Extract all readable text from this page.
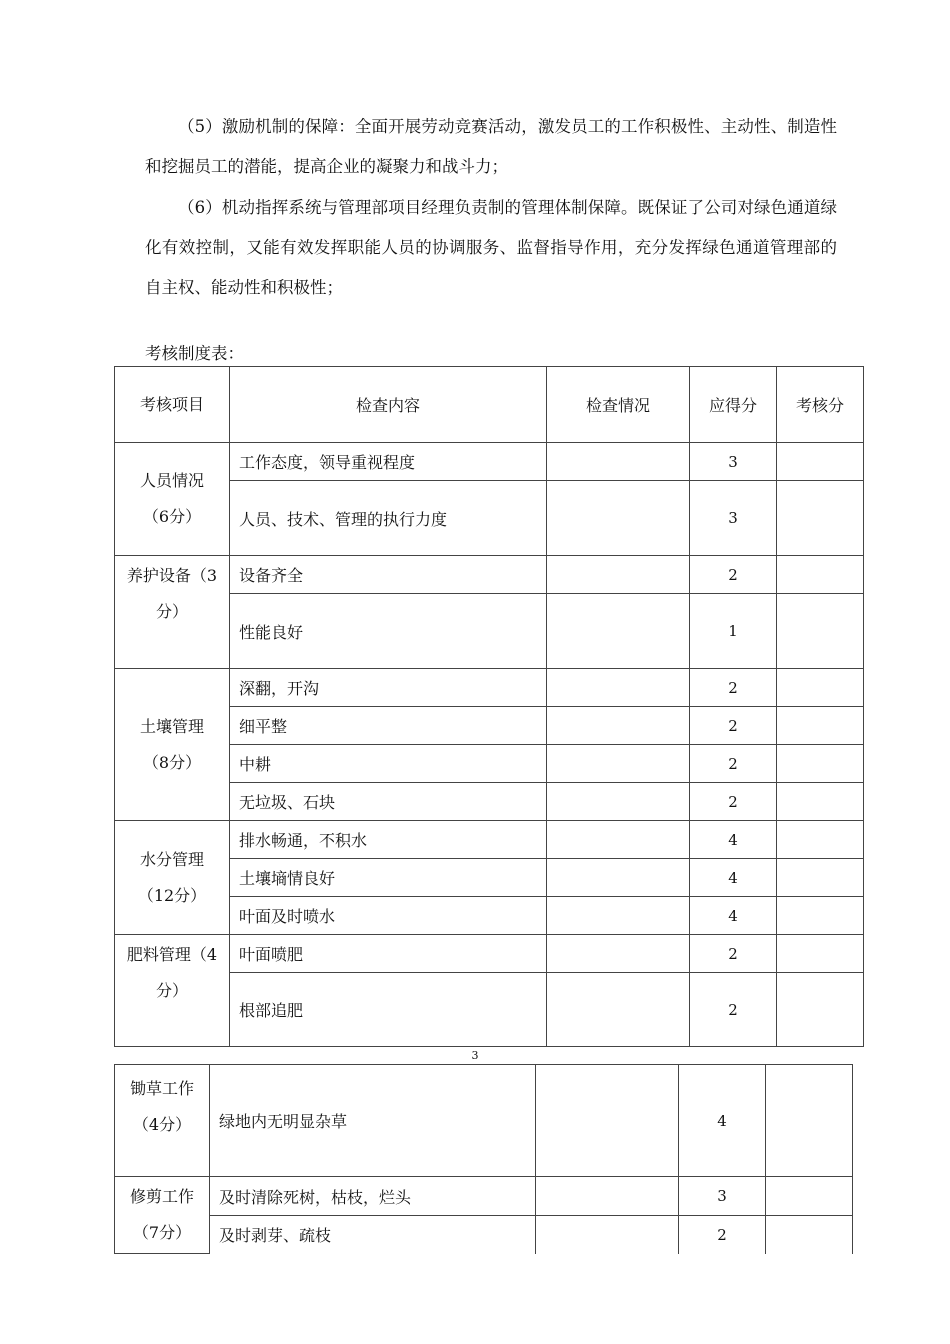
（5）激励机制的保障：全面开展劳动竞赛活动，激发员工的工作积极性、主动性、制造性和挖掘员工的潜能，提高企业的凝聚力和战斗力；

（6）机动指挥系统与管理部项目经理负责制的管理体制保障。既保证了公司对绿色通道绿化有效控制，又能有效发挥职能人员的协调服务、监督指导作用，充分发挥绿色通道管理部的自主权、能动性和积极性；

考核制度表：
考核项目	检查内容	检查情况	应得分	考核分
人员情况（6分）	工作态度，领导重视程度		3	
	人员、技术、管理的执行力度		3	
养护设备（3分）	设备齐全		2	
	性能良好		1	
土壤管理（8分）	深翻，开沟		2	
	细平整		2	
	中耕		2	
	无垃圾、石块		2	
水分管理（12分）	排水畅通，不积水		4	
	土壤墒情良好		4	
	叶面及时喷水		4	
肥料管理（4分）	叶面喷肥		2	
	根部追肥		2	
3
锄草工作（4分）	绿地内无明显杂草		4	
修剪工作（7分）	及时清除死树，枯枝，烂头		3	
	及时剥芽、疏枝		2	
